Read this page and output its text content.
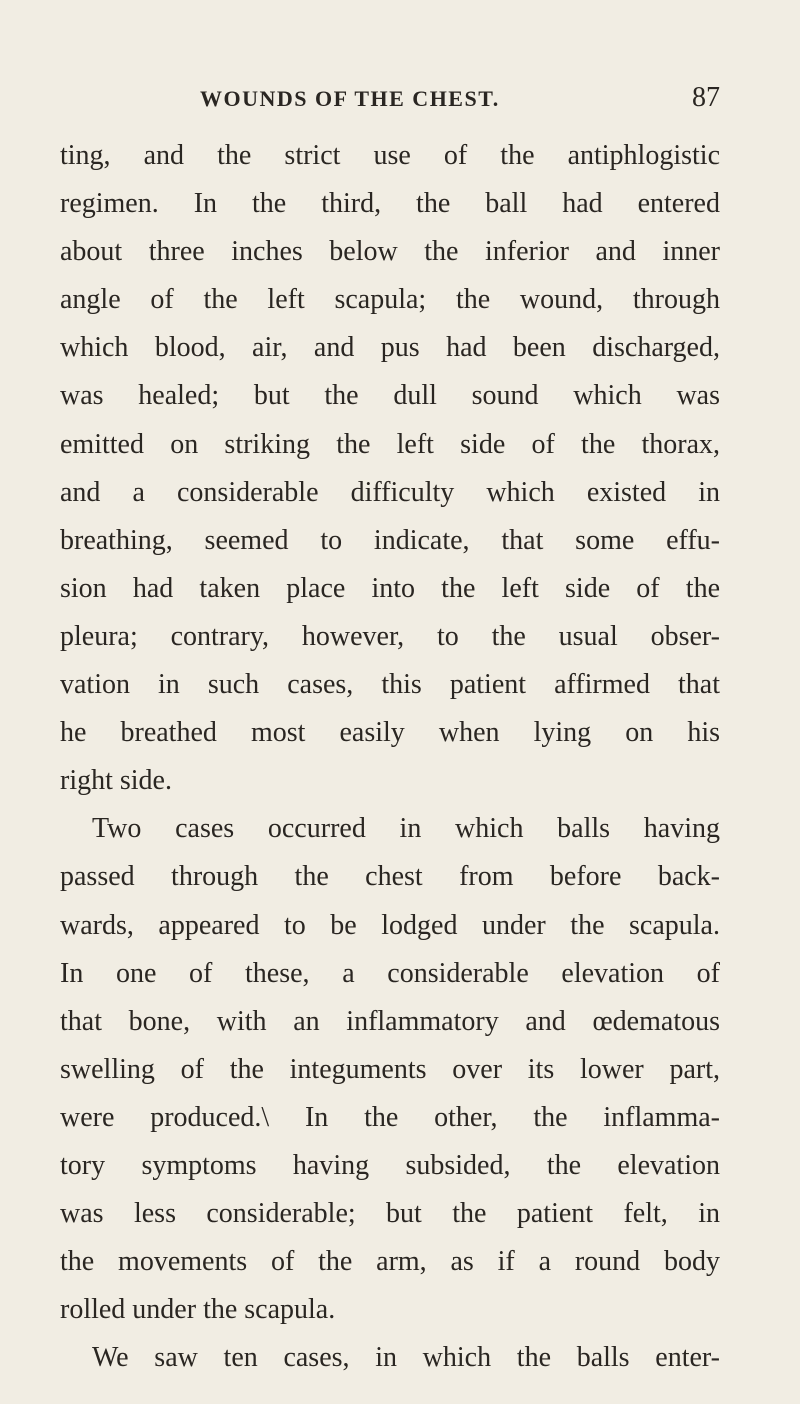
WOUNDS OF THE CHEST.	87
ting, and the strict use of the antiphlogistic
regimen. In the third, the ball had entered
about three inches below the inferior and inner
angle of the left scapula; the wound, through
which blood, air, and pus had been discharged,
was healed; but the dull sound which was
emitted on striking the left side of the thorax,
and a considerable difficulty which existed in
breathing, seemed to indicate, that some effu-
sion had taken place into the left side of the
pleura; contrary, however, to the usual obser-
vation in such cases, this patient affirmed that
he breathed most easily when lying on his
right side.
Two cases occurred in which balls having
passed through the chest from before back-
wards, appeared to be lodged under the scapula.
In one of these, a considerable elevation of
that bone, with an inflammatory and œdematous
swelling of the integuments over its lower part,
were produced.\ In the other, the inflamma-
tory symptoms having subsided, the elevation
was less considerable; but the patient felt, in
the movements of the arm, as if a round body
rolled under the scapula.
We saw ten cases, in which the balls enter-
